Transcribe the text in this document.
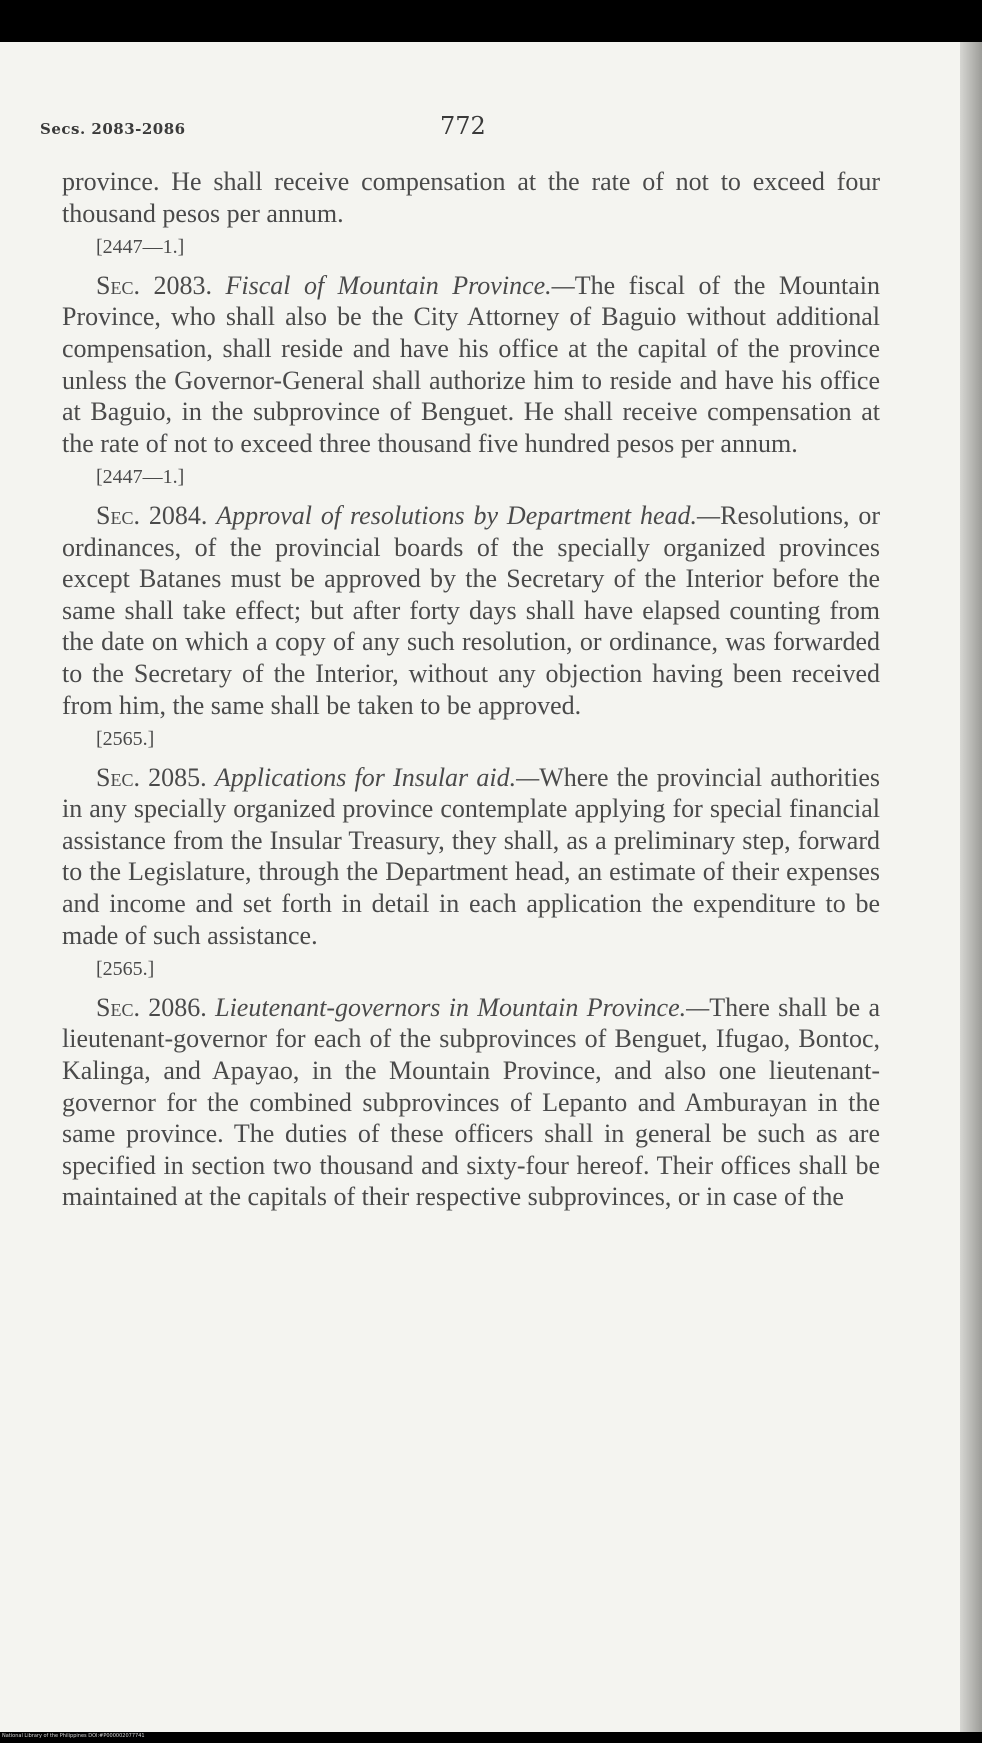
Secs. 2083-2086	772

province. He shall receive compensation at the rate of not to exceed four thousand pesos per annum.

[2447—1.]

Sec. 2083. Fiscal of Mountain Province.—The fiscal of the Mountain Province, who shall also be the City Attorney of Baguio without additional compensation, shall reside and have his office at the capital of the province unless the Governor-General shall authorize him to reside and have his office at Baguio, in the subprovince of Benguet. He shall receive compensation at the rate of not to exceed three thousand five hundred pesos per annum.

[2447—1.]

Sec. 2084. Approval of resolutions by Department head.—Resolutions, or ordinances, of the provincial boards of the specially organized provinces except Batanes must be approved by the Secretary of the Interior before the same shall take effect; but after forty days shall have elapsed counting from the date on which a copy of any such resolution, or ordinance, was forwarded to the Secretary of the Interior, without any objection having been received from him, the same shall be taken to be approved.

[2565.]

Sec. 2085. Applications for Insular aid.—Where the provincial authorities in any specially organized province contemplate applying for special financial assistance from the Insular Treasury, they shall, as a preliminary step, forward to the Legislature, through the Department head, an estimate of their expenses and income and set forth in detail in each application the expenditure to be made of such assistance.

[2565.]

Sec. 2086. Lieutenant-governors in Mountain Province.—There shall be a lieutenant-governor for each of the subprovinces of Benguet, Ifugao, Bontoc, Kalinga, and Apayao, in the Mountain Province, and also one lieutenant-governor for the combined subprovinces of Lepanto and Amburayan in the same province. The duties of these officers shall in general be such as are specified in section two thousand and sixty-four hereof. Their offices shall be maintained at the capitals of their respective subprovinces, or in case of the

National Library of the Philippines DOI:#P000002077741
